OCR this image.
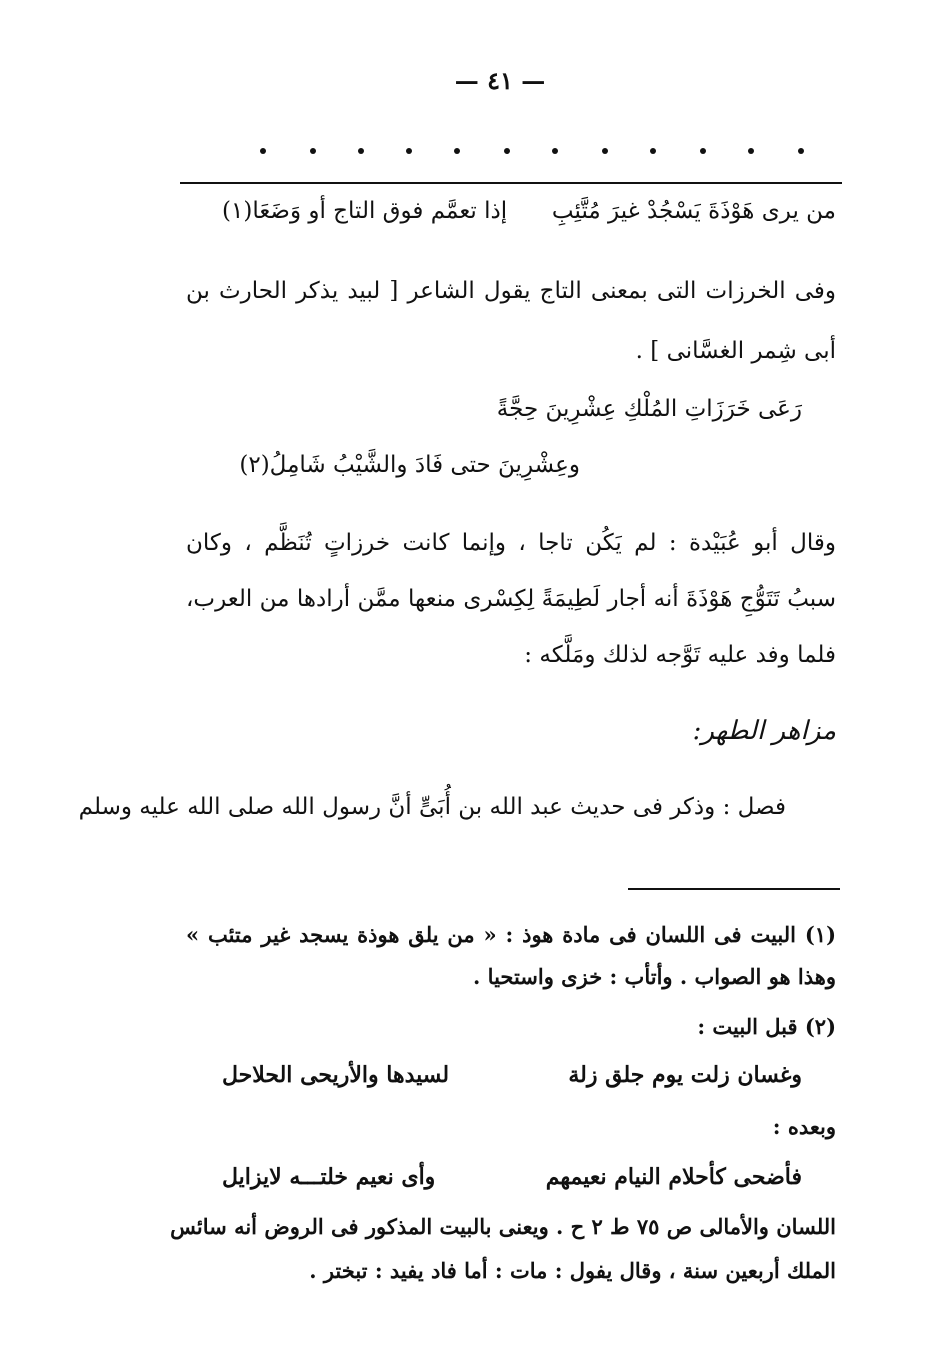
— ٤١ —
من يرى هَوْذَةَ يَسْجُدْ غيرَ مُتَّئِبِ
إذا تعمَّم فوق التاج أو وَضَعَا(١)
وفى الخرزات التى بمعنى التاج يقول الشاعر [ لبيد يذكر الحارث بن
أبى شِمر الغسَّانى ] .
رَعَى خَرَزَاتِ المُلْكِ عِشْرِينَ حِجَّةً
وعِشْرِينَ حتى فَادَ والشَّيْبُ شَامِلُ(٢)
وقال أبو عُبَيْدة : لم يَكُن تاجا ، وإنما كانت خرزاتٍ تُنَظَّم ، وكان
سببُ تَتَوُّجِ هَوْذَةَ أنه أجار لَطِيمَةً لِكِسْرى منعها ممَّن أرادها من العرب،
فلما وفد عليه تَوَّجه لذلك ومَلَّكه :
مزاهر الطهر:
فصل : وذكر فى حديث عبد الله بن أُبَىٍّ أنَّ رسول الله صلى الله عليه وسلم
(١) البيت فى اللسان فى مادة هوذ : « من يلق هوذة يسجد غير متئب »
وهذا هو الصواب . وأتأب : خزى واستحيا .
(٢) قبل البيت :
وغسان زلت يوم جلق زلة
لسيدها والأريحى الحلاحل
وبعده :
فأضحى كأحلام النيام نعيمهم
وأى نعيم خلتـــه لايزايل
اللسان والأمالى ص ٧٥ ط ٢ ح . ويعنى بالبيت المذكور فى الروض أنه سائس
الملك أربعين سنة ، وقال يفول : مات : أما فاد يفيد : تبختر .
